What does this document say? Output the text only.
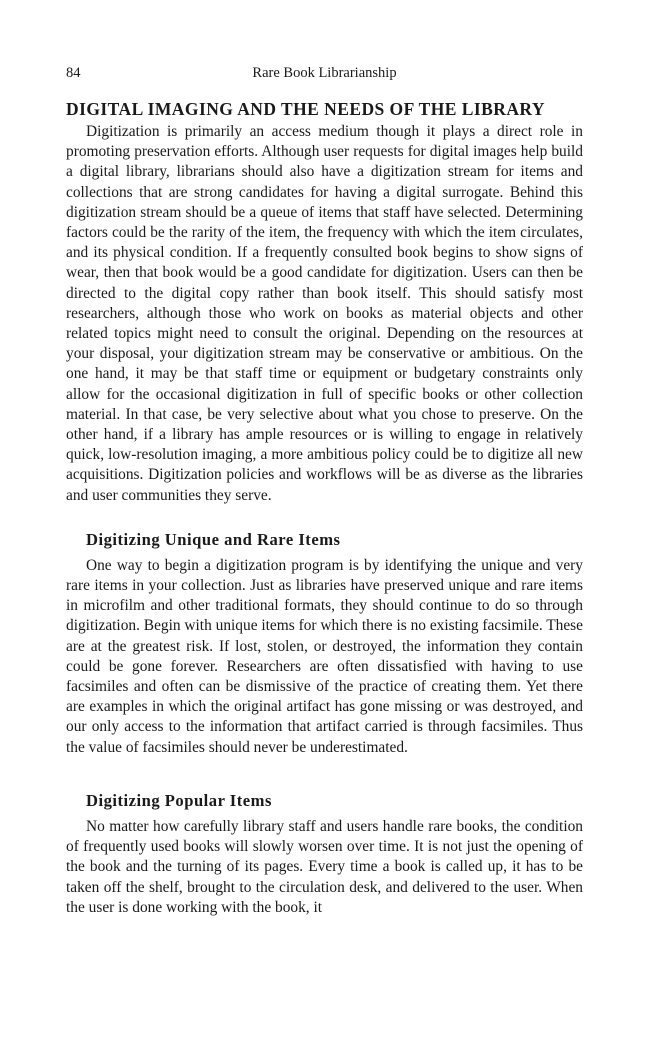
84	Rare Book Librarianship
DIGITAL IMAGING AND THE NEEDS OF THE LIBRARY

Digitization is primarily an access medium though it plays a direct role in promoting preservation efforts. Although user requests for digital images help build a digital library, librarians should also have a digitization stream for items and collections that are strong candidates for having a digital surrogate. Behind this digitization stream should be a queue of items that staff have selected. Determining factors could be the rarity of the item, the frequency with which the item circulates, and its physical condition. If a frequently consulted book begins to show signs of wear, then that book would be a good candidate for digitization. Users can then be directed to the digital copy rather than book itself. This should satisfy most researchers, although those who work on books as material objects and other related topics might need to consult the original. Depending on the resources at your disposal, your digitization stream may be conservative or ambitious. On the one hand, it may be that staff time or equipment or budgetary constraints only allow for the occasional digitization in full of specific books or other collection material. In that case, be very selective about what you chose to preserve. On the other hand, if a library has ample resources or is willing to engage in relatively quick, low-resolution imaging, a more ambitious policy could be to digitize all new acquisitions. Digitization policies and workflows will be as diverse as the libraries and user communities they serve.

Digitizing Unique and Rare Items

One way to begin a digitization program is by identifying the unique and very rare items in your collection. Just as libraries have preserved unique and rare items in microfilm and other traditional formats, they should continue to do so through digitization. Begin with unique items for which there is no existing facsimile. These are at the greatest risk. If lost, stolen, or destroyed, the information they contain could be gone forever. Researchers are often dissatisfied with having to use facsimiles and often can be dismissive of the practice of creating them. Yet there are examples in which the original artifact has gone missing or was destroyed, and our only access to the information that artifact carried is through facsimiles. Thus the value of facsimiles should never be underestimated.

Digitizing Popular Items

No matter how carefully library staff and users handle rare books, the condition of frequently used books will slowly worsen over time. It is not just the opening of the book and the turning of its pages. Every time a book is called up, it has to be taken off the shelf, brought to the circulation desk, and delivered to the user. When the user is done working with the book, it
